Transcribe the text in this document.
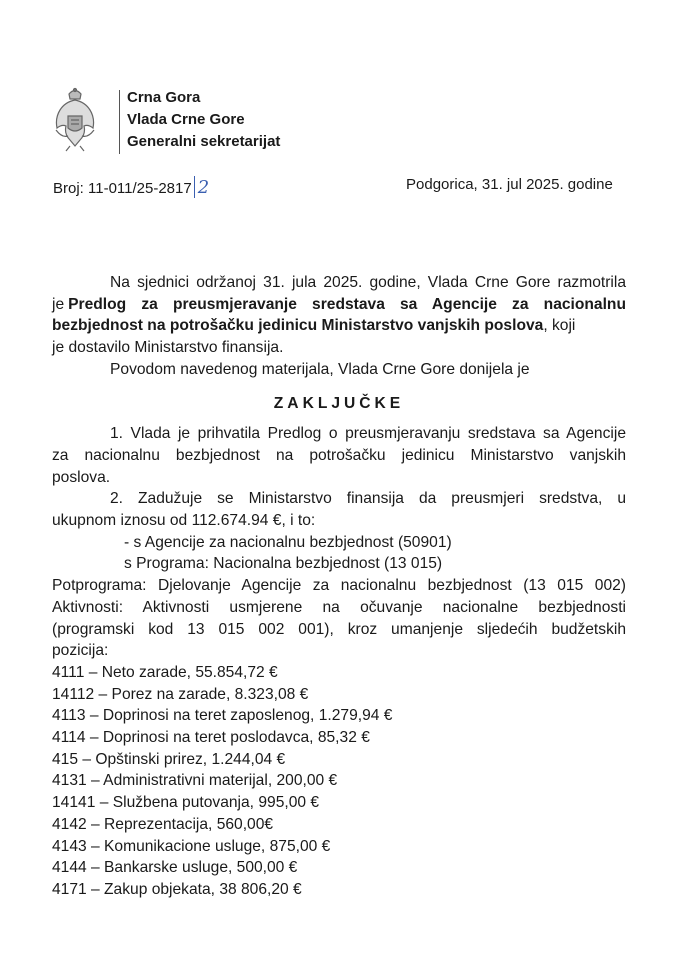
Crna Gora
Vlada Crne Gore
Generalni sekretarijat
Broj: 11-011/25-2817 2	Podgorica, 31. jul 2025. godine
Na sjednici održanoj 31. jula 2025. godine, Vlada Crne Gore razmotrila
je Predlog za preusmjeravanje sredstava sa Agencije za nacionalnu
bezbjednost na potrošačku jedinicu Ministarstvo vanjskih poslova, koji
je dostavilo Ministarstvo finansija.
Povodom navedenog materijala, Vlada Crne Gore donijela je
ZAKLJUČKE
1. Vlada je prihvatila Predlog o preusmjeravanju sredstava sa Agencije
za nacionalnu bezbjednost na potrošačku jedinicu Ministarstvo vanjskih
poslova.
2. Zadužuje se Ministarstvo finansija da preusmjeri sredstva, u
ukupnom iznosu od 112.674.94 €, i to:
- s Agencije za nacionalnu bezbjednost (50901)
s Programa: Nacionalna bezbjednost (13 015)
Potprograma: Djelovanje Agencije za nacionalnu bezbjednost (13 015 002)
Aktivnosti: Aktivnosti usmjerene na očuvanje nacionalne bezbjednosti
(programski kod 13 015 002 001), kroz umanjenje sljedećih budžetskih
pozicija:
4111 – Neto zarade, 55.854,72 €
14112 – Porez na zarade, 8.323,08 €
4113 – Doprinosi na teret zaposlenog, 1.279,94 €
4114 – Doprinosi na teret poslodavca, 85,32 €
415 – Opštinski prirez, 1.244,04 €
4131 – Administrativni materijal, 200,00 €
14141 – Službena putovanja, 995,00 €
4142 – Reprezentacija, 560,00€
4143 – Komunikacione usluge, 875,00 €
4144 – Bankarske usluge, 500,00 €
4171 – Zakup objekata, 38 806,20 €
